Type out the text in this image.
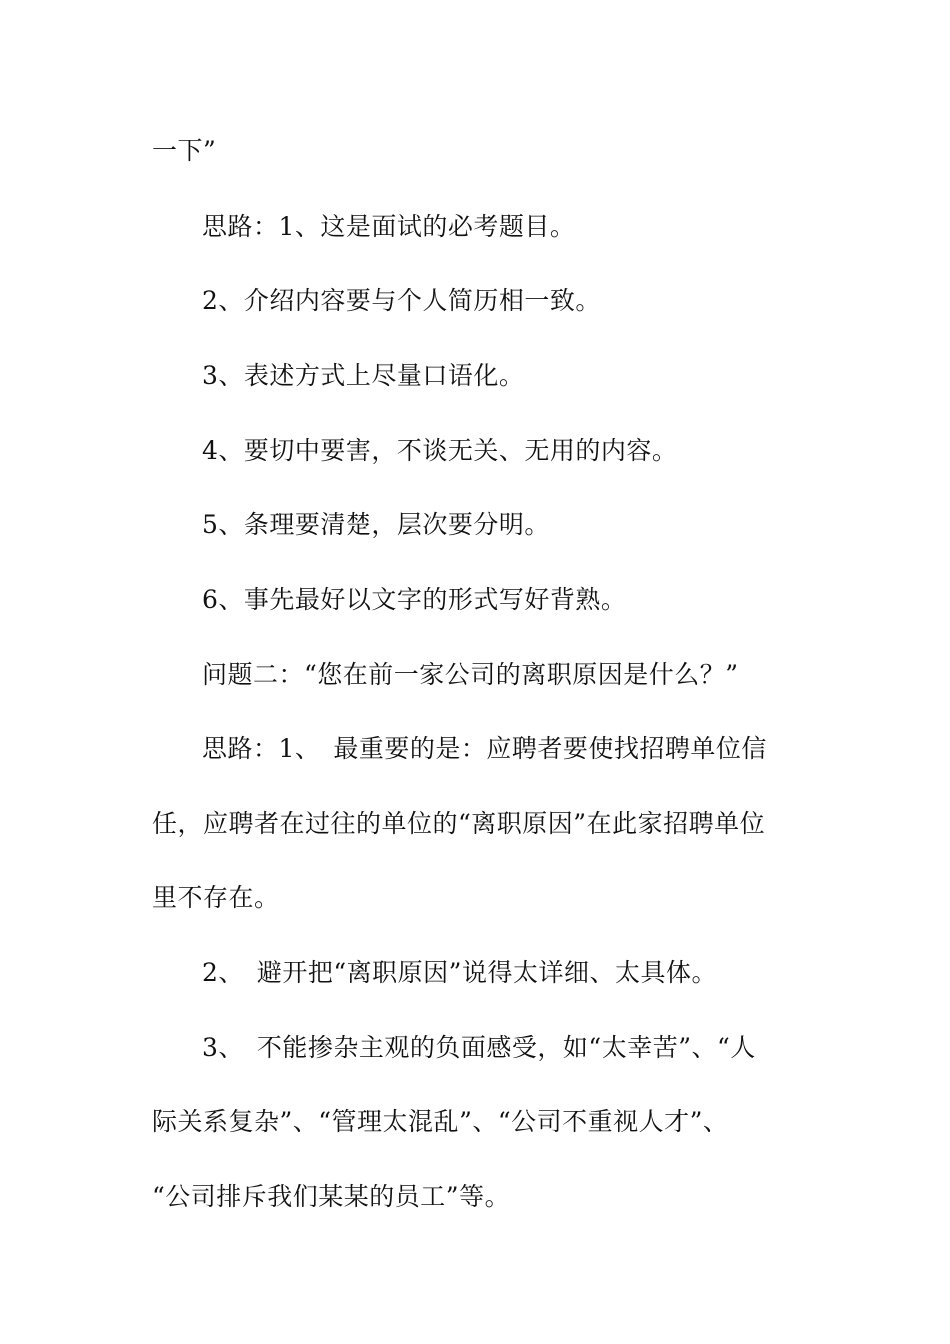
一下”
思路：1、这是面试的必考题目。
2、介绍内容要与个人简历相一致。
3、表述方式上尽量口语化。
4、要切中要害，不谈无关、无用的内容。
5、条理要清楚，层次要分明。
6、事先最好以文字的形式写好背熟。
问题二：“您在前一家公司的离职原因是什么？”
思路：1、　最重要的是：应聘者要使找招聘单位信
任，应聘者在过往的单位的“离职原因”在此家招聘单位
里不存在。
2、　避开把“离职原因”说得太详细、太具体。
3、　不能掺杂主观的负面感受，如“太幸苦”、“人
际关系复杂”、“管理太混乱”、“公司不重视人才”、
“公司排斥我们某某的员工”等。
